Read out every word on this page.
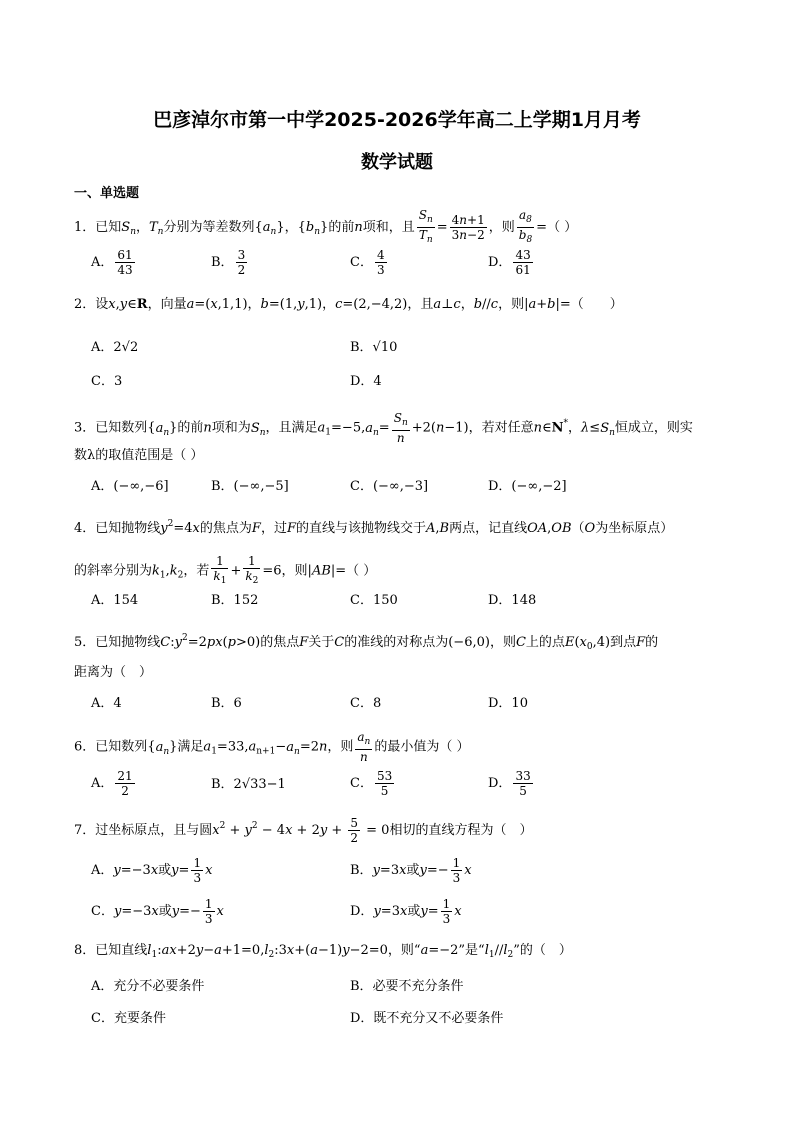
巴彦淖尔市第一中学2025-2026学年高二上学期1月月考
数学试题
一、单选题
1．已知$S_n$，$T_n$分别为等差数列$\{a_n\}$，$\{b_n\}$的前n项和，且 $\frac{S_n}{T_n} = \frac{4n+1}{3n-2}$ ，则 $\frac{a_8}{b_8}$ =（ ）
A． $\frac{61}{43}$	B． $\frac{3}{2}$	C． $\frac{4}{3}$	D． $\frac{43}{61}$
2．设x,y∈R，向量a=(x,1,1)，b=(1,y,1)，c=(2,−4,2)，且a⊥c，b//c，则|a+b|=（　　）
A．2√2	B．√10
C．3	D．4
3．已知数列$\{a_n\}$的前n项和为$S_n$，且满足$a_1=-5,a_n= \frac{S_n}{n} +2(n-1)$，若对任意n∈N*，$\lambda\le S_n$恒成立，则实
数λ的取值范围是（ ）
A．(−∞,−6]	B．(−∞,−5]	C．(−∞,−3]	D．(−∞,−2]
4．已知抛物线$y^2=4x$的焦点为F，过F的直线与该抛物线交于A,B两点，记直线OA,OB（O为坐标原点）
的斜率分别为$k_1,k_2$，若 $\frac{1}{k_1} + \frac{1}{k_2} =6$，则|AB|=（ ）
A．154	B．152	C．150	D．148
5．已知抛物线$C:y^2=2px(p>0)$的焦点F关于C的准线的对称点为(−6,0)，则C上的点$E(x_0,4)$到点F的
距离为（　）
A．4	B．6	C．8	D．10
6．已知数列$\{a_n\}$满足$a_1=33,a_{n+1}-a_n=2n$，则 $\frac{a_n}{n}$ 的最小值为（ ）
A． $\frac{21}{2}$	B．2√33−1	C． $\frac{53}{5}$	D． $\frac{33}{5}$
7．过坐标原点，且与圆$x^2 + y^2 - 4x + 2y + \frac{5}{2} = 0$相切的直线方程为（　）
A．y=−3x或$y= \frac{1}{3}$ x	B．y=3x或$y=- \frac{1}{3}$ x
C．y=−3x或$y=- \frac{1}{3}$ x	D．y=3x或$y= \frac{1}{3}$ x
8．已知直线$l_1:ax+2y-a+1=0,l_2:3x+(a-1)y-2=0$，则“a=−2”是“$l_1//l_2$”的（　）
A．充分不必要条件	B．必要不充分条件
C．充要条件	D．既不充分又不必要条件
